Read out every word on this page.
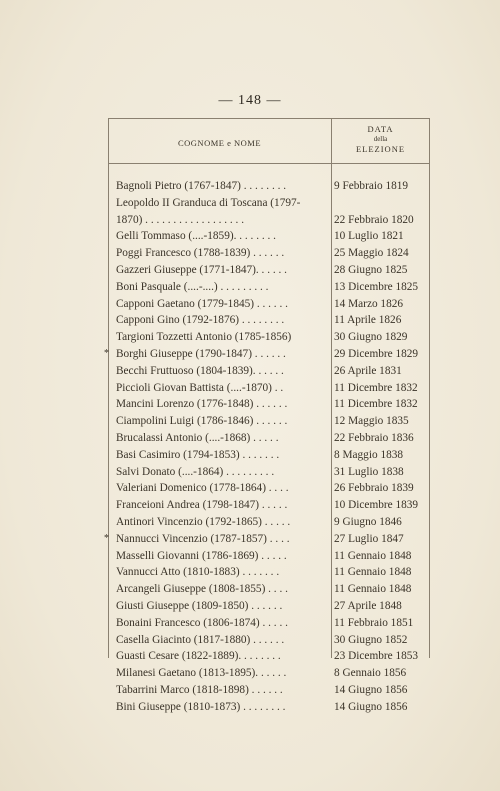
— 148 —
COGNOME e NOME
DATA
della
ELEZIONE
Bagnoli Pietro (1767-1847) . . . . . . . .	9 Febbraio 1819
Leopoldo II Granduca di Toscana (1797-
1870) . . . . . . . . . . . . . . . . . .	22 Febbraio 1820
Gelli Tommaso (....-1859). . . . . . . .	10 Luglio 1821
Poggi Francesco (1788-1839) . . . . . .	25 Maggio 1824
Gazzeri Giuseppe (1771-1847). . . . . .	28 Giugno 1825
Boni Pasquale (....-....) . . . . . . . . .	13 Dicembre 1825
Capponi Gaetano (1779-1845) . . . . . .	14 Marzo 1826
Capponi Gino (1792-1876) . . . . . . . .	11 Aprile 1826
Targioni Tozzetti Antonio (1785-1856)	30 Giugno 1829
* Borghi Giuseppe (1790-1847) . . . . . .	29 Dicembre 1829
Becchi Fruttuoso (1804-1839). . . . . .	26 Aprile 1831
Piccioli Giovan Battista (....-1870) . .	11 Dicembre 1832
Mancini Lorenzo (1776-1848) . . . . . .	11 Dicembre 1832
Ciampolini Luigi (1786-1846) . . . . . .	12 Maggio 1835
Brucalassi Antonio (....-1868) . . . . .	22 Febbraio 1836
Basi Casimiro (1794-1853) . . . . . . .	8 Maggio 1838
Salvi Donato (....-1864) . . . . . . . . .	31 Luglio 1838
Valeriani Domenico (1778-1864) . . . .	26 Febbraio 1839
Franceioni Andrea (1798-1847) . . . . .	10 Dicembre 1839
Antinori Vincenzio (1792-1865) . . . . .	9 Giugno 1846
* Nannucci Vincenzio (1787-1857) . . . .	27 Luglio 1847
Masselli Giovanni (1786-1869) . . . . .	11 Gennaio 1848
Vannucci Atto (1810-1883) . . . . . . .	11 Gennaio 1848
Arcangeli Giuseppe (1808-1855) . . . .	11 Gennaio 1848
Giusti Giuseppe (1809-1850) . . . . . .	27 Aprile 1848
Bonaini Francesco (1806-1874) . . . . .	11 Febbraio 1851
Casella Giacinto (1817-1880) . . . . . .	30 Giugno 1852
Guasti Cesare (1822-1889). . . . . . . .	23 Dicembre 1853
Milanesi Gaetano (1813-1895). . . . . .	8 Gennaio 1856
Tabarrini Marco (1818-1898) . . . . . .	14 Giugno 1856
Bini Giuseppe (1810-1873) . . . . . . . .	14 Giugno 1856
